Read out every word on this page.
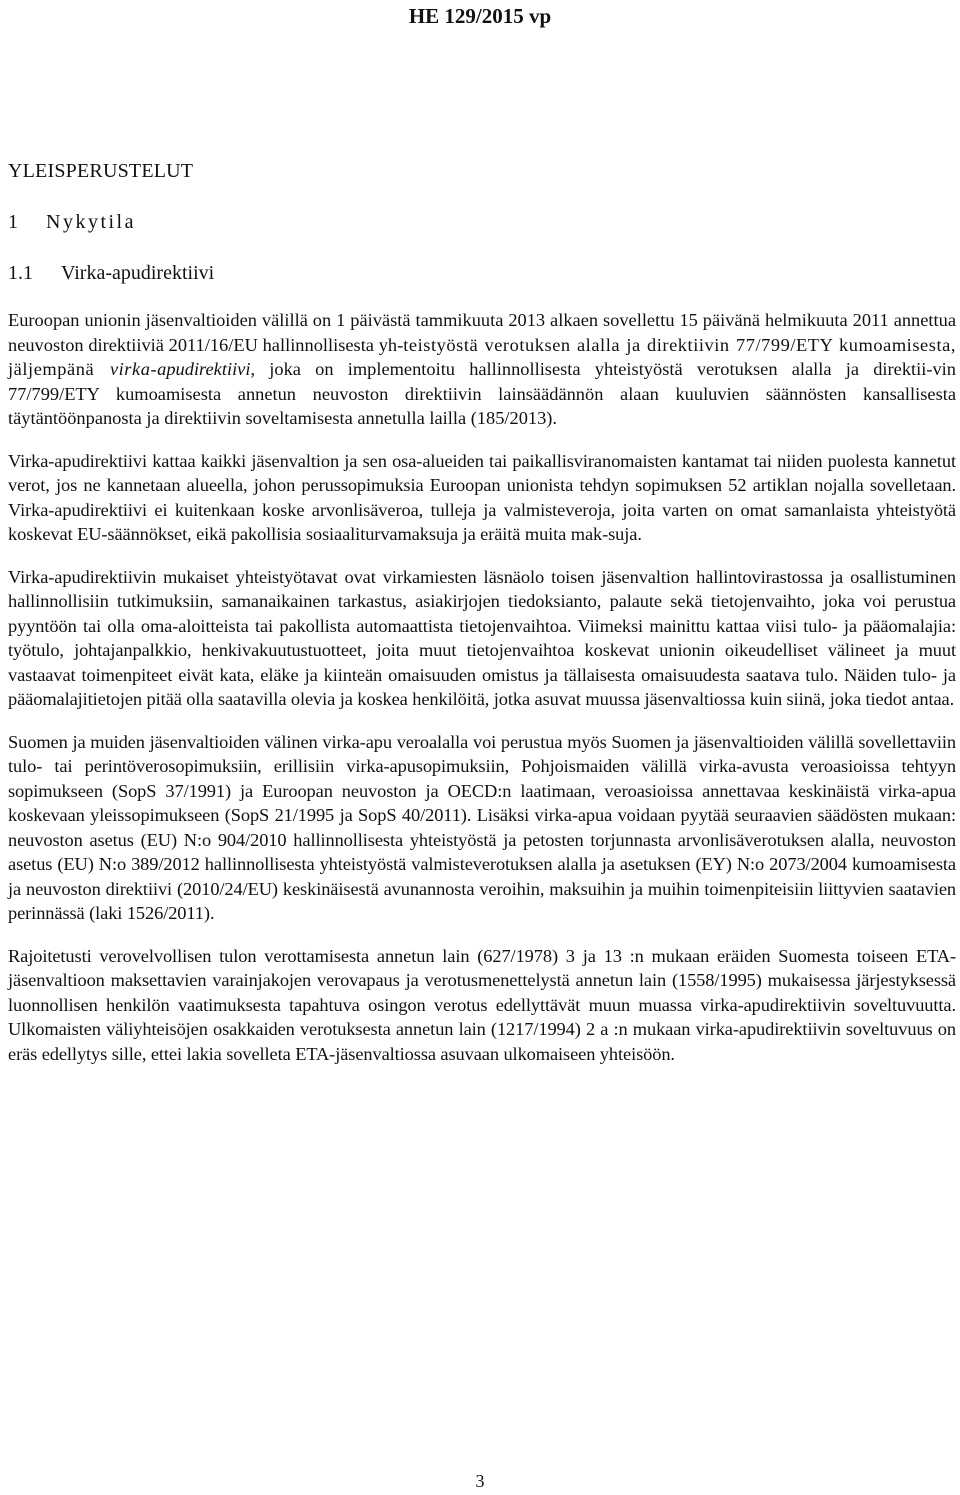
HE 129/2015 vp
YLEISPERUSTELUT
1	Nykytila
1.1	Virka-apudirektiivi

Euroopan unionin jäsenvaltioiden välillä on 1 päivästä tammikuuta 2013 alkaen sovellettu 15 päivänä helmikuuta 2011 annettua neuvoston direktiiviä 2011/16/EU hallinnollisesta yh-teistyöstä verotuksen alalla ja direktiivin 77/799/ETY kumoamisesta, jäljempänä virka-apudirektiivi, joka on implementoitu hallinnollisesta yhteistyöstä verotuksen alalla ja direktii-vin 77/799/ETY kumoamisesta annetun neuvoston direktiivin lainsäädännön alaan kuuluvien säännösten kansallisesta täytäntöönpanosta ja direktiivin soveltamisesta annetulla lailla (185/2013).

Virka-apudirektiivi kattaa kaikki jäsenvaltion ja sen osa-alueiden tai paikallisviranomaisten kantamat tai niiden puolesta kannetut verot, jos ne kannetaan alueella, johon perussopimuksia Euroopan unionista tehdyn sopimuksen 52 artiklan nojalla sovelletaan. Virka-apudirektiivi ei kuitenkaan koske arvonlisäveroa, tulleja ja valmisteveroja, joita varten on omat samanlaista yhteistyötä koskevat EU-säännökset, eikä pakollisia sosiaaliturvamaksuja ja eräitä muita mak-suja.

Virka-apudirektiivin mukaiset yhteistyötavat ovat virkamiesten läsnäolo toisen jäsenvaltion hallintovirastossa ja osallistuminen hallinnollisiin tutkimuksiin, samanaikainen tarkastus, asiakirjojen tiedoksianto, palaute sekä tietojenvaihto, joka voi perustua pyyntöön tai olla oma-aloitteista tai pakollista automaattista tietojenvaihtoa. Viimeksi mainittu kattaa viisi tulo- ja pääomalajia: työtulo, johtajanpalkkio, henkivakuutustuotteet, joita muut tietojenvaihtoa koskevat unionin oikeudelliset välineet ja muut vastaavat toimenpiteet eivät kata, eläke ja kiinteän omaisuuden omistus ja tällaisesta omaisuudesta saatava tulo. Näiden tulo- ja pääomalajitietojen pitää olla saatavilla olevia ja koskea henkilöitä, jotka asuvat muussa jäsenvaltiossa kuin siinä, joka tiedot antaa.

Suomen ja muiden jäsenvaltioiden välinen virka-apu veroalalla voi perustua myös Suomen ja jäsenvaltioiden välillä sovellettaviin tulo- tai perintöverosopimuksiin, erillisiin virka-apusopimuksiin, Pohjoismaiden välillä virka-avusta veroasioissa tehtyyn sopimukseen (SopS 37/1991) ja Euroopan neuvoston ja OECD:n laatimaan, veroasioissa annettavaa keskinäistä virka-apua koskevaan yleissopimukseen (SopS 21/1995 ja SopS 40/2011). Lisäksi virka-apua voidaan pyytää seuraavien säädösten mukaan: neuvoston asetus (EU) N:o 904/2010 hallinnollisesta yhteistyöstä ja petosten torjunnasta arvonlisäverotuksen alalla, neuvoston asetus (EU) N:o 389/2012 hallinnollisesta yhteistyöstä valmisteverotuksen alalla ja asetuksen (EY) N:o 2073/2004 kumoamisesta ja neuvoston direktiivi (2010/24/EU) keskinäisestä avunannosta veroihin, maksuihin ja muihin toimenpiteisiin liittyvien saatavien perinnässä (laki 1526/2011).

Rajoitetusti verovelvollisen tulon verottamisesta annetun lain (627/1978) 3 ja 13 :n mukaan eräiden Suomesta toiseen ETA-jäsenvaltioon maksettavien varainjakojen verovapaus ja verotusmenettelystä annetun lain (1558/1995) mukaisessa järjestyksessä luonnollisen henkilön vaatimuksesta tapahtuva osingon verotus edellyttävät muun muassa virka-apudirektiivin soveltuvuutta. Ulkomaisten väliyhteisöjen osakkaiden verotuksesta annetun lain (1217/1994) 2 a :n mukaan virka-apudirektiivin soveltuvuus on eräs edellytys sille, ettei lakia sovelleta ETA-jäsenvaltiossa asuvaan ulkomaiseen yhteisöön.

3
